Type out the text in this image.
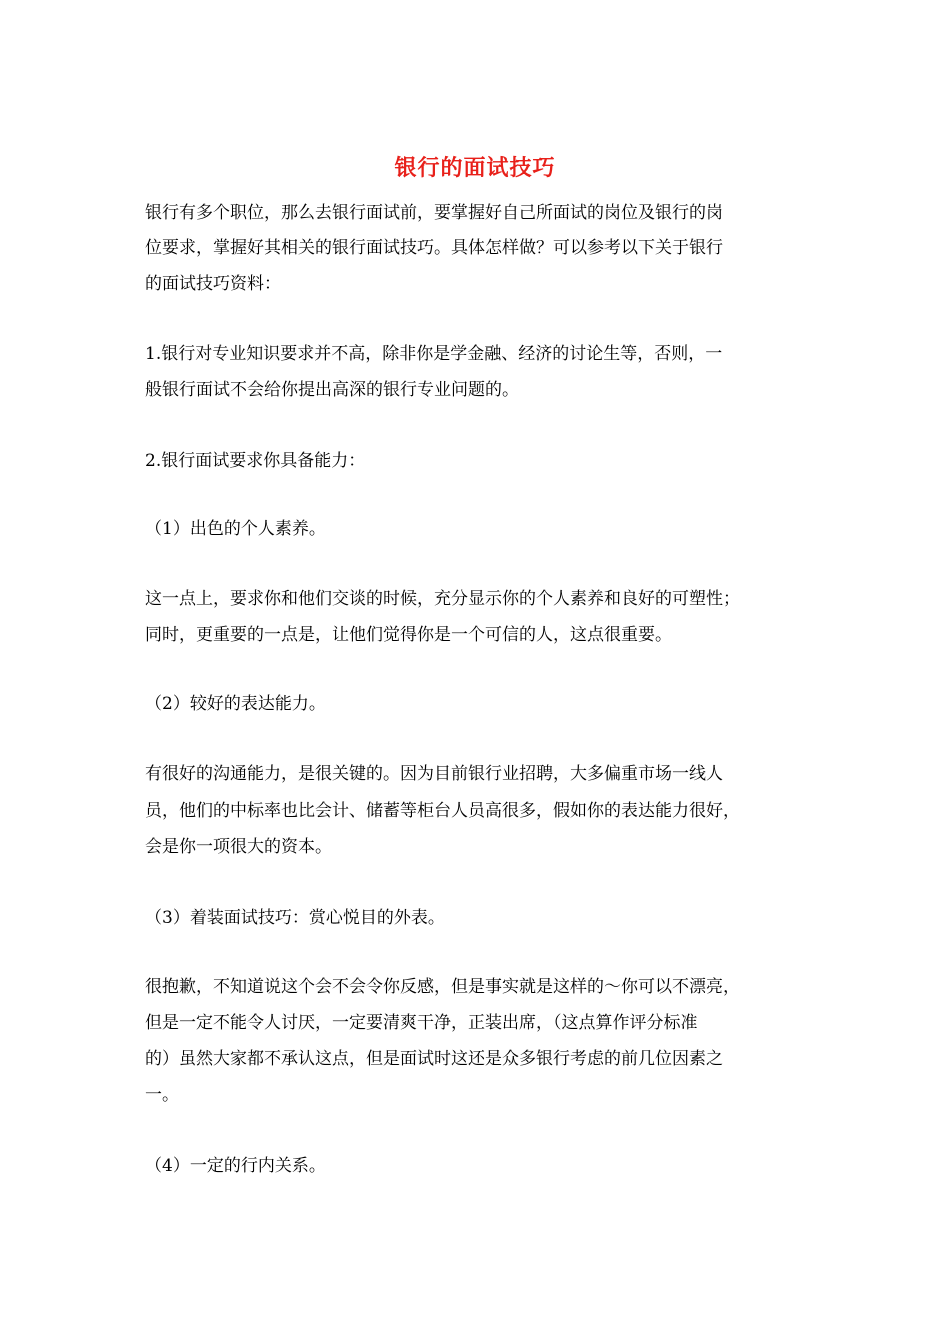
银行的面试技巧
银行有多个职位，那么去银行面试前，要掌握好自己所面试的岗位及银行的岗
位要求，掌握好其相关的银行面试技巧。具体怎样做？可以参考以下关于银行
的面试技巧资料：
1.银行对专业知识要求并不高，除非你是学金融、经济的讨论生等，否则，一
般银行面试不会给你提出高深的银行专业问题的。
2.银行面试要求你具备能力：
（1）出色的个人素养。
这一点上，要求你和他们交谈的时候，充分显示你的个人素养和良好的可塑性；
同时，更重要的一点是，让他们觉得你是一个可信的人，这点很重要。
（2）较好的表达能力。
有很好的沟通能力，是很关键的。因为目前银行业招聘，大多偏重市场一线人
员，他们的中标率也比会计、储蓄等柜台人员高很多，假如你的表达能力很好，
会是你一项很大的资本。
（3）着装面试技巧：赏心悦目的外表。
很抱歉，不知道说这个会不会令你反感，但是事实就是这样的～你可以不漂亮，
但是一定不能令人讨厌，一定要清爽干净，正装出席，（这点算作评分标准
的）虽然大家都不承认这点，但是面试时这还是众多银行考虑的前几位因素之
一。
（4）一定的行内关系。
